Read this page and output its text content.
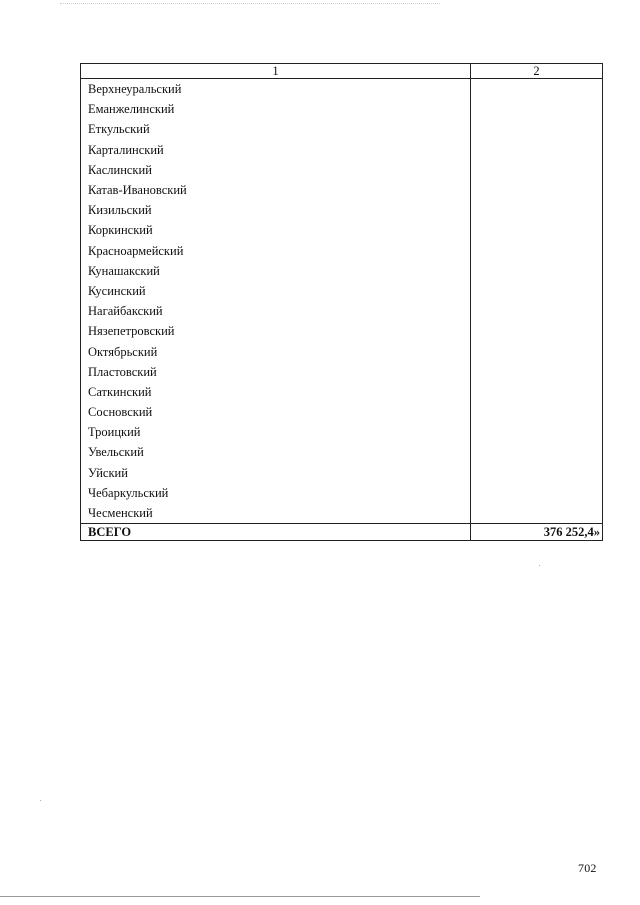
1	2
Верхнеуральский	
Еманжелинский	
Еткульский	
Карталинский	
Каслинский	
Катав-Ивановский	
Кизильский	
Коркинский	
Красноармейский	
Кунашакский	
Кусинский	
Нагайбакский	
Нязепетровский	
Октябрьский	
Пластовский	
Саткинский	
Сосновский	
Троицкий	
Увельский	
Уйский	
Чебаркульский	
Чесменский	
ВСЕГО	376 252,4»
702
